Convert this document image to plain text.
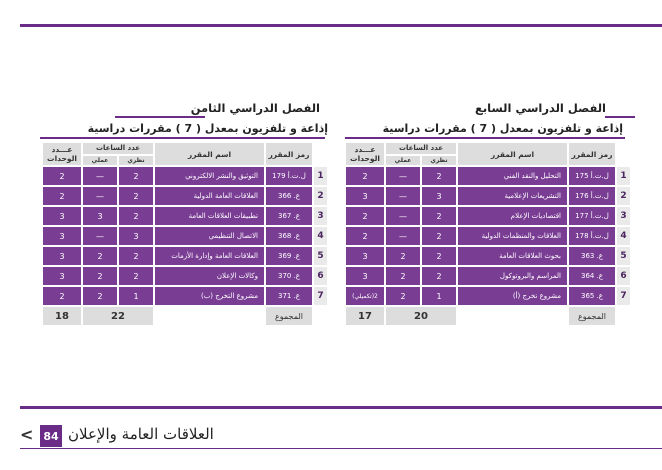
الفصل الدراسي السابع
إذاعة و تلفزيون بمعدل ( 7 ) مقررات دراسية
	رمز المقرر	اسم المقرر	عدد الساعات		عـــدد الوحدات
			نظري	عملي	
1	ل.ت.أ 175	التحليل والنقد الفني	2	—	2
2	ل.ت.أ 176	التشريعات الإعلامية	3	—	3
3	ل.ت.أ 177	اقتصاديات الإعلام	2	—	2
4	ل.ت.أ 178	العلاقات والمنظمات الدولية	2	—	2
5	ع. 363	بحوث العلاقات العامة	2	2	3
6	ع. 364	المراسم والبروتوكول	2	2	3
7	ع. 365	مشروع تخرج (أ)	1	2	2(تكميلي)
	المجموع		20		17
الفصل الدراسي الثامن
إذاعة و تلفزيون بمعدل ( 7 ) مقررات دراسية
	رمز المقرر	اسم المقرر	عدد الساعات		عـــدد الوحدات
			نظري	عملي	
1	ل.ت.أ 179	التوثيق والنشر الالكتروني	2	—	2
2	ع. 366	العلاقات العامة الدولية	2	—	2
3	ع. 367	تطبيقات العلاقات العامة	2	3	3
4	ع. 368	الاتصال التنظيمي	3	—	3
5	ع. 369	العلاقات العامة وإدارة الأزمات	2	2	3
6	ع. 370	وكالات الإعلان	2	2	3
7	ع. 371	مشروع التخرج (ب)	1	2	2
	المجموع		22		18
< 84 العلاقات العامة والإعلان
